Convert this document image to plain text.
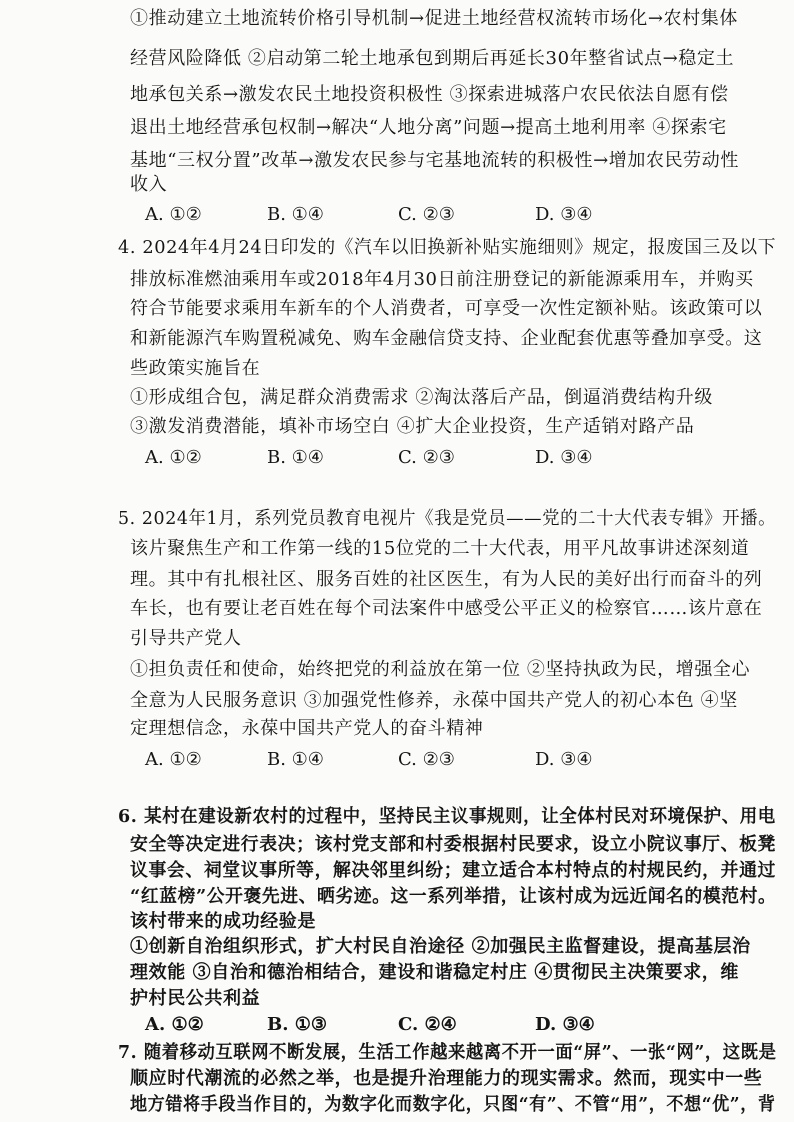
①推动建立土地流转价格引导机制→促进土地经营权流转市场化→农村集体
经营风险降低 ②启动第二轮土地承包到期后再延长30年整省试点→稳定土
地承包关系→激发农民土地投资积极性 ③探索进城落户农民依法自愿有偿
退出土地经营承包权制→解决“人地分离”问题→提高土地利用率 ④探索宅
基地“三权分置”改革→激发农民参与宅基地流转的积极性→增加农民劳动性
收入
A. ①②	B. ①④	C. ②③	D. ③④
4. 2024年4月24日印发的《汽车以旧换新补贴实施细则》规定，报废国三及以下
排放标准燃油乘用车或2018年4月30日前注册登记的新能源乘用车，并购买
符合节能要求乘用车新车的个人消费者，可享受一次性定额补贴。该政策可以
和新能源汽车购置税减免、购车金融信贷支持、企业配套优惠等叠加享受。这
些政策实施旨在
①形成组合包，满足群众消费需求 ②淘汰落后产品，倒逼消费结构升级
③激发消费潜能，填补市场空白 ④扩大企业投资，生产适销对路产品
A. ①②	B. ①④	C. ②③	D. ③④
5. 2024年1月，系列党员教育电视片《我是党员——党的二十大代表专辑》开播。
该片聚焦生产和工作第一线的15位党的二十大代表，用平凡故事讲述深刻道
理。其中有扎根社区、服务百姓的社区医生，有为人民的美好出行而奋斗的列
车长，也有要让老百姓在每个司法案件中感受公平正义的检察官……该片意在
引导共产党人
①担负责任和使命，始终把党的利益放在第一位 ②坚持执政为民，增强全心
全意为人民服务意识 ③加强党性修养，永葆中国共产党人的初心本色 ④坚
定理想信念，永葆中国共产党人的奋斗精神
A. ①②	B. ①④	C. ②③	D. ③④
6. 某村在建设新农村的过程中，坚持民主议事规则，让全体村民对环境保护、用电
安全等决定进行表决；该村党支部和村委根据村民要求，设立小院议事厅、板凳
议事会、祠堂议事所等，解决邻里纠纷；建立适合本村特点的村规民约，并通过
“红蓝榜”公开褒先进、晒劣迹。这一系列举措，让该村成为远近闻名的模范村。
该村带来的成功经验是
①创新自治组织形式，扩大村民自治途径 ②加强民主监督建设，提高基层治
理效能 ③自治和德治相结合，建设和谐稳定村庄 ④贯彻民主决策要求，维
护村民公共利益
A. ①②	B. ①③	C. ②④	D. ③④
7. 随着移动互联网不断发展，生活工作越来越离不开一面“屏”、一张“网”，这既是
顺应时代潮流的必然之举，也是提升治理能力的现实需求。然而，现实中一些
地方错将手段当作目的，为数字化而数字化，只图“有”、不管“用”，不想“优”，背
